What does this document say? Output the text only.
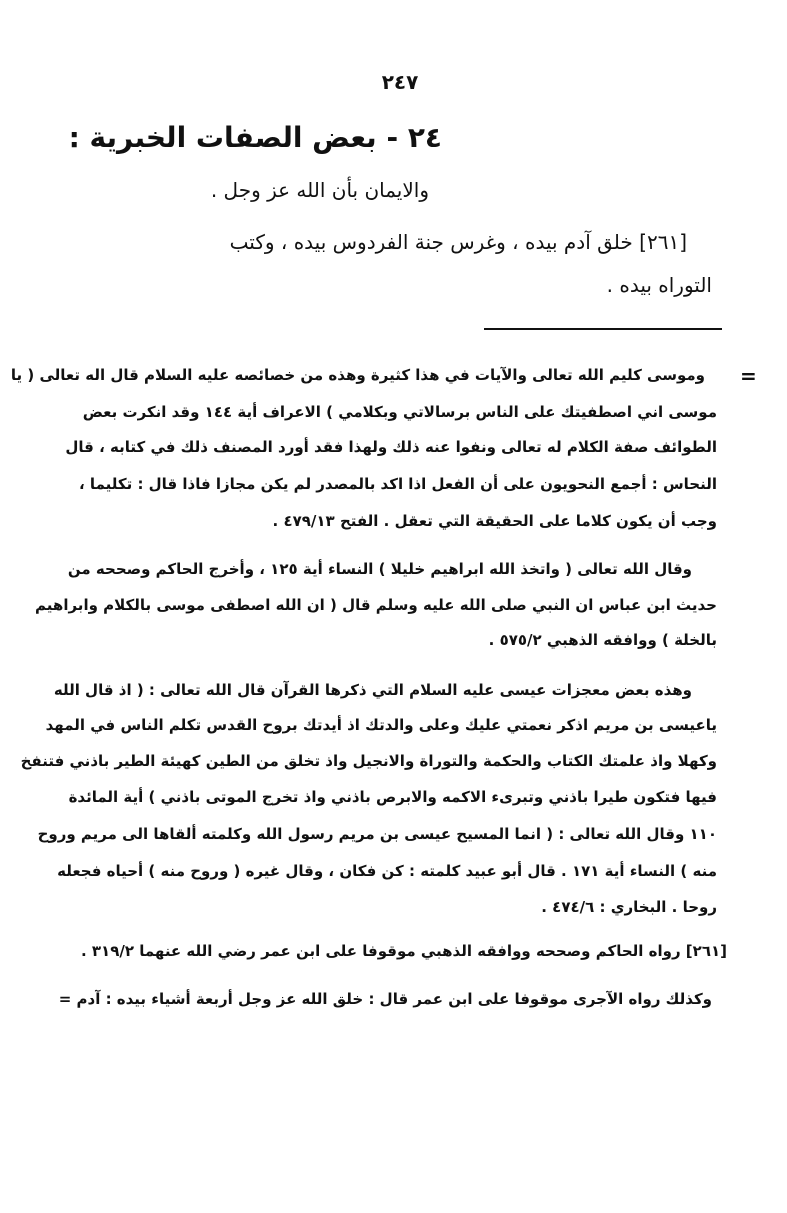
٢٤٧
٢٤ - بعض الصفات الخبرية :

والايمان بأن الله عز وجل .

[٢٦١] خلق آدم بيده ، وغرس جنة الفردوس بيده ، وكتب

التوراه بيده .

=

وموسى كليم الله تعالى والآيات في هذا كثيرة وهذه من خصائصه عليه السلام قال اله تعالى ( يا

موسى اني اصطفيتك على الناس برسالاتي وبكلامي ) الاعراف أية ١٤٤ وقد انكرت بعض

الطوائف صفة الكلام له تعالى ونفوا عنه ذلك ولهذا فقد أورد المصنف ذلك في كتابه ، قال

النحاس : أجمع النحويون على أن الفعل اذا اكد بالمصدر لم يكن مجازا فاذا قال : تكليما ،

وجب أن يكون كلاما على الحقيقة التي تعقل . الفتح ٤٧٩/١٣ .

وقال الله تعالى ( واتخذ الله ابراهيم خليلا ) النساء أية ١٢٥ ، وأخرج الحاكم وصححه من

حديث ابن عباس ان النبي صلى الله عليه وسلم قال ( ان الله اصطفى موسى بالكلام وابراهيم

بالخلة ) ووافقه الذهبي ٥٧٥/٢ .

وهذه بعض معجزات عيسى عليه السلام التي ذكرها القرآن قال الله تعالى : ( اذ قال الله

ياعيسى بن مريم اذكر نعمتي عليك وعلى والدتك اذ أيدتك بروح القدس تكلم الناس في المهد

وكهلا واذ علمتك الكتاب والحكمة والتوراة والانجيل واذ تخلق من الطين كهيئة الطير باذني فتنفخ

فيها فتكون طيرا باذني وتبرىء الاكمه والابرص باذني واذ تخرج الموتى باذني ) أية المائدة

١١٠ وقال الله تعالى : ( انما المسيح عيسى بن مريم رسول الله وكلمته ألقاها الى مريم وروح

منه ) النساء أية ١٧١ . قال أبو عبيد كلمته : كن فكان ، وقال غيره ( وروح منه ) أحياه فجعله

روحا . البخاري : ٤٧٤/٦ .

[٢٦١] رواه الحاكم وصححه ووافقه الذهبي موقوفا على ابن عمر رضي الله عنهما ٣١٩/٢ .

وكذلك رواه الآجرى موقوفا على ابن عمر قال : خلق الله عز وجل أربعة أشياء بيده : آدم =
